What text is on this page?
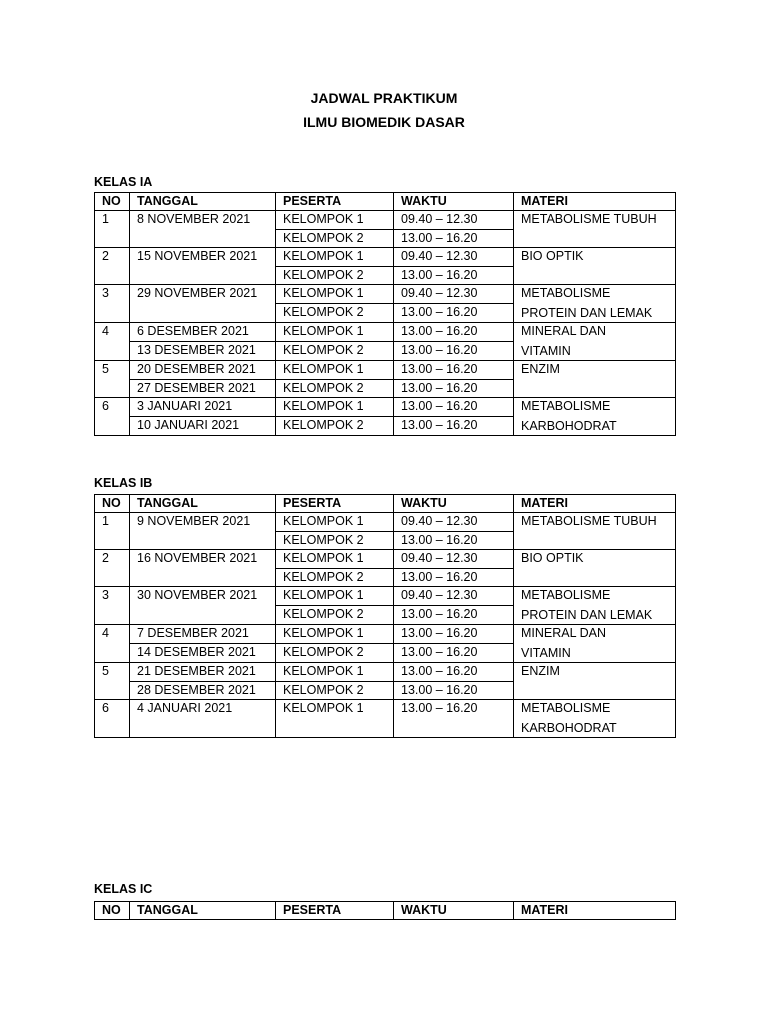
JADWAL PRAKTIKUM
ILMU BIOMEDIK DASAR
KELAS IA
NO	TANGGAL	PESERTA	WAKTU	MATERI
1	8 NOVEMBER 2021	KELOMPOK 1	09.40 – 12.30	METABOLISME TUBUH

		KELOMPOK 2	13.00 – 16.20	
2	15 NOVEMBER 2021	KELOMPOK 1	09.40 – 12.30	BIO OPTIK

		KELOMPOK 2	13.00 – 16.20	
3	29 NOVEMBER 2021	KELOMPOK 1	09.40 – 12.30	METABOLISME
PROTEIN DAN LEMAK

		KELOMPOK 2	13.00 – 16.20	
4	6 DESEMBER 2021	KELOMPOK 1	13.00 – 16.20	MINERAL DAN
VITAMIN

	13 DESEMBER 2021	KELOMPOK 2	13.00 – 16.20	
5	20 DESEMBER 2021	KELOMPOK 1	13.00 – 16.20	ENZIM

	27 DESEMBER 2021	KELOMPOK 2	13.00 – 16.20	
6	3 JANUARI 2021	KELOMPOK 1	13.00 – 16.20	METABOLISME
KARBOHODRAT

	10 JANUARI 2021	KELOMPOK 2	13.00 – 16.20	
KELAS IB
NO	TANGGAL	PESERTA	WAKTU	MATERI
1	9 NOVEMBER 2021	KELOMPOK 1	09.40 – 12.30	METABOLISME TUBUH

		KELOMPOK 2	13.00 – 16.20	
2	16 NOVEMBER 2021	KELOMPOK 1	09.40 – 12.30	BIO OPTIK

		KELOMPOK 2	13.00 – 16.20	
3	30 NOVEMBER 2021	KELOMPOK 1	09.40 – 12.30	METABOLISME
PROTEIN DAN LEMAK

		KELOMPOK 2	13.00 – 16.20	
4	7 DESEMBER 2021	KELOMPOK 1	13.00 – 16.20	MINERAL DAN
VITAMIN

	14 DESEMBER 2021	KELOMPOK 2	13.00 – 16.20	
5	21 DESEMBER 2021	KELOMPOK 1	13.00 – 16.20	ENZIM

	28 DESEMBER 2021	KELOMPOK 2	13.00 – 16.20	
6	4 JANUARI 2021	KELOMPOK 1	13.00 – 16.20	METABOLISME
KARBOHODRAT

KELAS IC
NO	TANGGAL	PESERTA	WAKTU	MATERI
